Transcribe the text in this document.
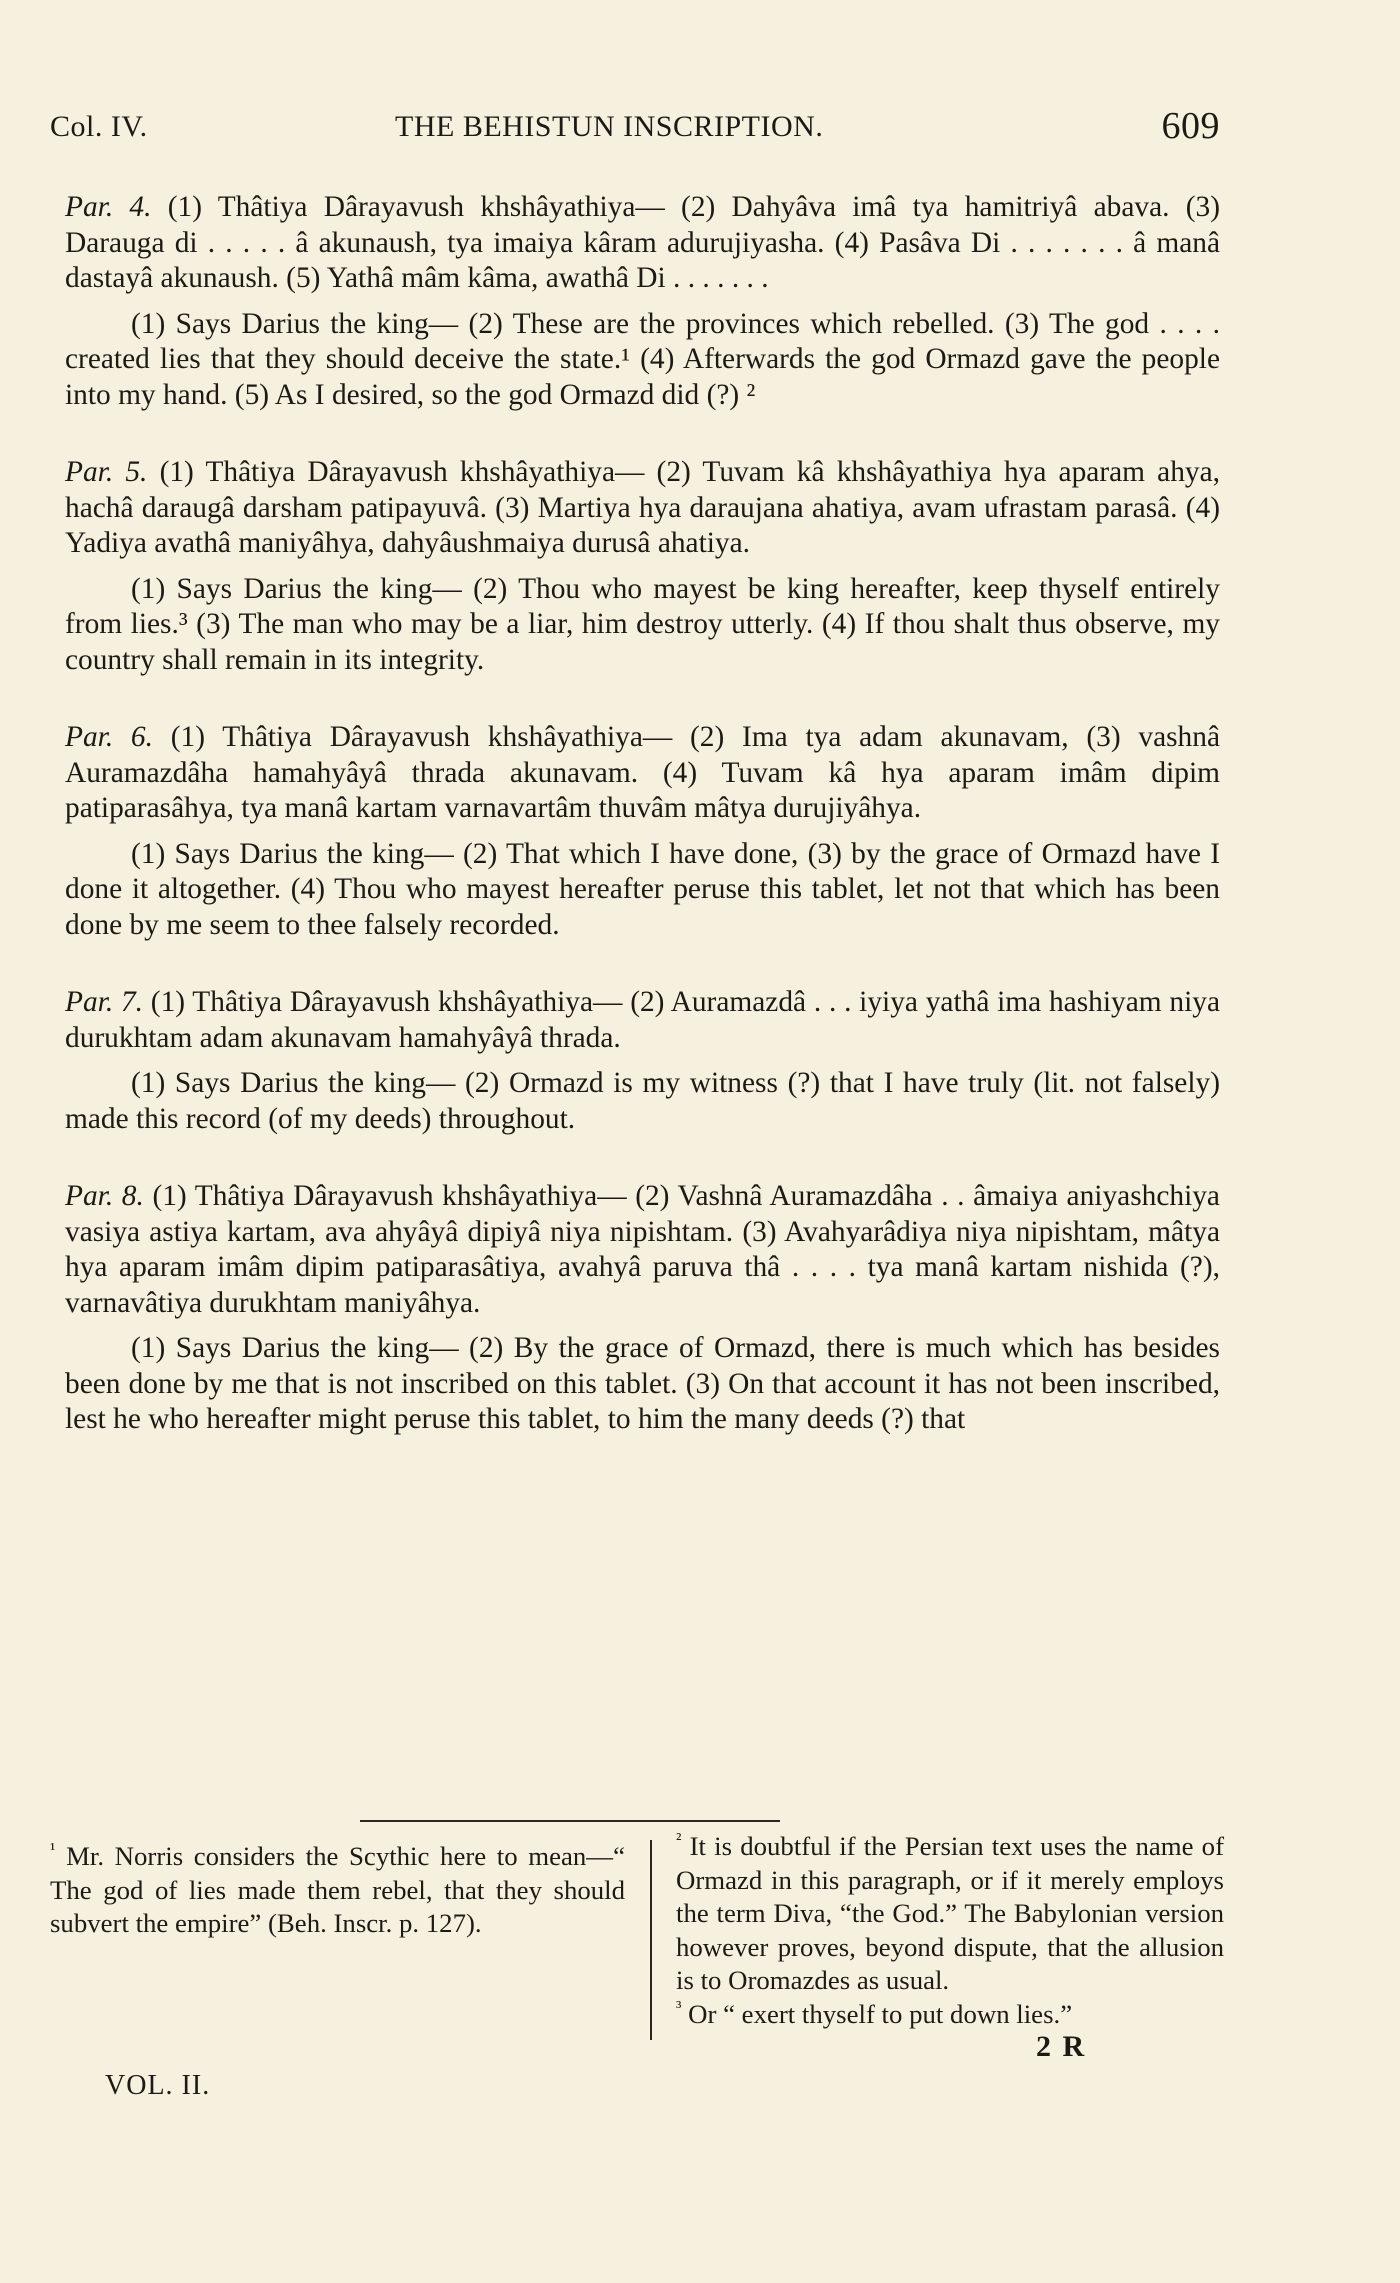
Col. IV.	THE BEHISTUN INSCRIPTION.	609

Par. 4. (1) Thâtiya Dârayavush khshâyathiya— (2) Dahyâva imâ tya hamitriyâ abava. (3) Darauga di . . . . . â akunaush, tya imaiya kâram adurujiyasha. (4) Pasâva Di . . . . . . . â manâ dastayâ akunaush. (5) Yathâ mâm kâma, awathâ Di . . . . . . .

(1) Says Darius the king— (2) These are the provinces which rebelled. (3) The god . . . . created lies that they should deceive the state.¹ (4) Afterwards the god Ormazd gave the people into my hand. (5) As I desired, so the god Ormazd did (?) ²

Par. 5. (1) Thâtiya Dârayavush khshâyathiya— (2) Tuvam kâ khshâyathiya hya aparam ahya, hachâ daraugâ darsham patipayuvâ. (3) Martiya hya daraujana ahatiya, avam ufrastam parasâ. (4) Yadiya avathâ maniyâhya, dahyâushmaiya durusâ ahatiya.

(1) Says Darius the king— (2) Thou who mayest be king hereafter, keep thyself entirely from lies.³ (3) The man who may be a liar, him destroy utterly. (4) If thou shalt thus observe, my country shall remain in its integrity.

Par. 6. (1) Thâtiya Dârayavush khshâyathiya— (2) Ima tya adam akunavam, (3) vashnâ Auramazdâha hamahyâyâ thrada akunavam. (4) Tuvam kâ hya aparam imâm dipim patiparasâhya, tya manâ kartam varnavartâm thuvâm mâtya durujiyâhya.

(1) Says Darius the king— (2) That which I have done, (3) by the grace of Ormazd have I done it altogether. (4) Thou who mayest hereafter peruse this tablet, let not that which has been done by me seem to thee falsely recorded.

Par. 7. (1) Thâtiya Dârayavush khshâyathiya— (2) Auramazdâ . . . iyiya yathâ ima hashiyam niya durukhtam adam akunavam hamahyâyâ thrada.

(1) Says Darius the king— (2) Ormazd is my witness (?) that I have truly (lit. not falsely) made this record (of my deeds) throughout.

Par. 8. (1) Thâtiya Dârayavush khshâyathiya— (2) Vashnâ Auramazdâha . . âmaiya aniyashchiya vasiya astiya kartam, ava ahyâyâ dipiyâ niya nipishtam. (3) Avahyarâdiya niya nipishtam, mâtya hya aparam imâm dipim patiparasâtiya, avahyâ paruva thâ . . . . tya manâ kartam nishida (?), varnavâtiya durukhtam maniyâhya.

(1) Says Darius the king— (2) By the grace of Ormazd, there is much which has besides been done by me that is not inscribed on this tablet. (3) On that account it has not been inscribed, lest he who hereafter might peruse this tablet, to him the many deeds (?) that

$^{^1}$ Mr. Norris considers the Scythic here to mean—“ The god of lies made them rebel, that they should subvert the empire” (Beh. Inscr. p. 127).

$^{^2}$ It is doubtful if the Persian text uses the name of Ormazd in this paragraph, or if it merely employs the term Diva, “the God.” The Babylonian version however proves, beyond dispute, that the allusion is to Oromazdes as usual.

$^{^3}$ Or “ exert thyself to put down lies.”

VOL. II.
2 R
